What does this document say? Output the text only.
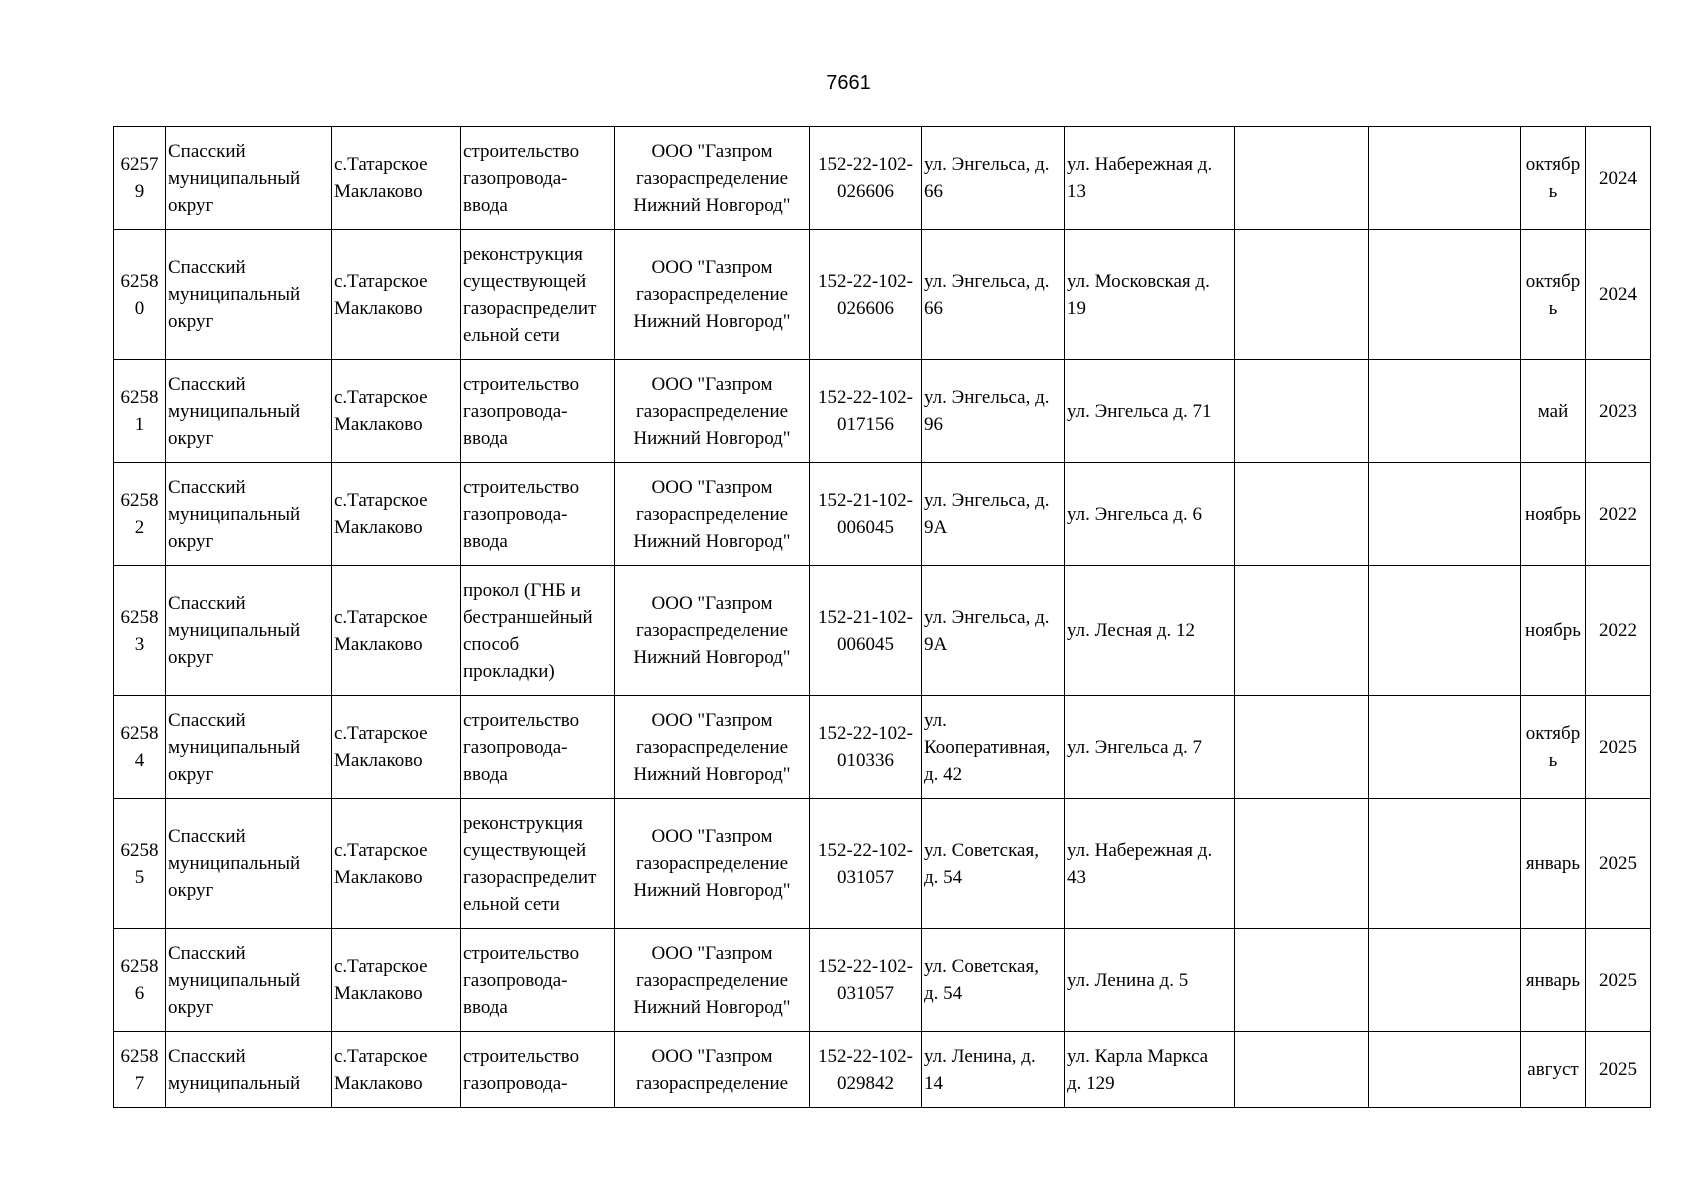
7661
6257
9	Спасский
муниципальный
округ	с.Татарское
Маклаково	строительство
газопровода-
ввода	ООО "Газпром
газораспределение
Нижний Новгород"	152-22-102-
026606	ул. Энгельса, д.
66	ул. Набережная д.
13			октябр
ь	2024

6258
0	Спасский
муниципальный
округ	с.Татарское
Маклаково	реконструкция
существующей
газораспределит
ельной сети	ООО "Газпром
газораспределение
Нижний Новгород"	152-22-102-
026606	ул. Энгельса, д.
66	ул. Московская д.
19			октябр
ь	2024

6258
1	Спасский
муниципальный
округ	с.Татарское
Маклаково	строительство
газопровода-
ввода	ООО "Газпром
газораспределение
Нижний Новгород"	152-22-102-
017156	ул. Энгельса, д.
96	ул. Энгельса д. 71			май	2023

6258
2	Спасский
муниципальный
округ	с.Татарское
Маклаково	строительство
газопровода-
ввода	ООО "Газпром
газораспределение
Нижний Новгород"	152-21-102-
006045	ул. Энгельса, д.
9А	ул. Энгельса д. 6			ноябрь	2022

6258
3	Спасский
муниципальный
округ	с.Татарское
Маклаково	прокол (ГНБ и
бестраншейный
способ
прокладки)	ООО "Газпром
газораспределение
Нижний Новгород"	152-21-102-
006045	ул. Энгельса, д.
9А	ул. Лесная д. 12			ноябрь	2022

6258
4	Спасский
муниципальный
округ	с.Татарское
Маклаково	строительство
газопровода-
ввода	ООО "Газпром
газораспределение
Нижний Новгород"	152-22-102-
010336	ул.
Кооперативная,
д. 42	ул. Энгельса д. 7			октябр
ь	2025

6258
5	Спасский
муниципальный
округ	с.Татарское
Маклаково	реконструкция
существующей
газораспределит
ельной сети	ООО "Газпром
газораспределение
Нижний Новгород"	152-22-102-
031057	ул. Советская,
д. 54	ул. Набережная д.
43			январь	2025

6258
6	Спасский
муниципальный
округ	с.Татарское
Маклаково	строительство
газопровода-
ввода	ООО "Газпром
газораспределение
Нижний Новгород"	152-22-102-
031057	ул. Советская,
д. 54	ул. Ленина д. 5			январь	2025

6258
7	Спасский
муниципальный	с.Татарское
Маклаково	строительство
газопровода-	ООО "Газпром
газораспределение	152-22-102-
029842	ул. Ленина, д.
14	ул. Карла Маркса
д. 129			август	2025
